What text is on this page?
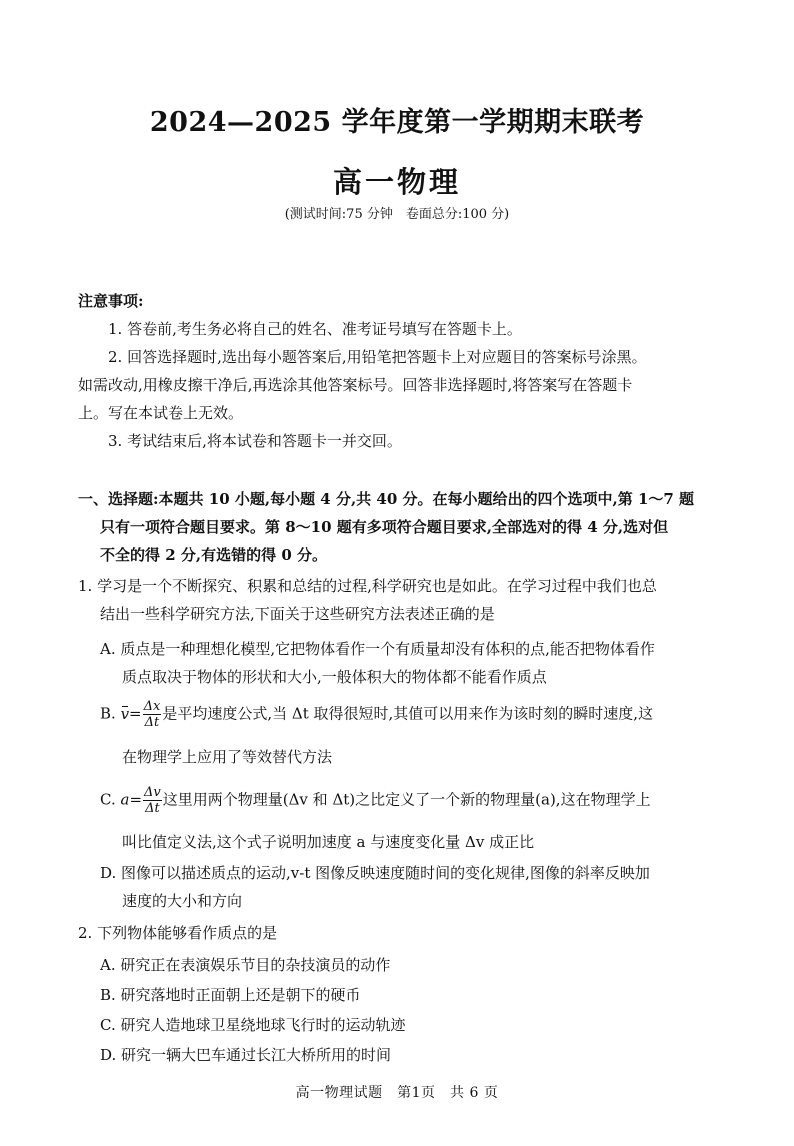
2024—2025 学年度第一学期期末联考
高一物理
(测试时间:75 分钟　卷面总分:100 分)
注意事项:
1. 答卷前,考生务必将自己的姓名、准考证号填写在答题卡上。
2. 回答选择题时,选出每小题答案后,用铅笔把答题卡上对应题目的答案标号涂黑。
如需改动,用橡皮擦干净后,再选涂其他答案标号。回答非选择题时,将答案写在答题卡
上。写在本试卷上无效。
3. 考试结束后,将本试卷和答题卡一并交回。
一、选择题:本题共 10 小题,每小题 4 分,共 40 分。在每小题给出的四个选项中,第 1～7 题
只有一项符合题目要求。第 8～10 题有多项符合题目要求,全部选对的得 4 分,选对但
不全的得 2 分,有选错的得 0 分。
1. 学习是一个不断探究、积累和总结的过程,科学研究也是如此。在学习过程中我们也总
结出一些科学研究方法,下面关于这些研究方法表述正确的是
A. 质点是一种理想化模型,它把物体看作一个有质量却没有体积的点,能否把物体看作
质点取决于物体的形状和大小,一般体积大的物体都不能看作质点
B. $v= \frac{\Delta x}{\Delta t}$ 是平均速度公式,当 Δt 取得很短时,其值可以用来作为该时刻的瞬时速度,这
在物理学上应用了等效替代方法
C. $a= \frac{\Delta v}{\Delta t}$ 这里用两个物理量(Δv 和 Δt)之比定义了一个新的物理量(a),这在物理学上
叫比值定义法,这个式子说明加速度 a 与速度变化量 Δv 成正比
D. 图像可以描述质点的运动,v-t 图像反映速度随时间的变化规律,图像的斜率反映加
速度的大小和方向
2. 下列物体能够看作质点的是
A. 研究正在表演娱乐节目的杂技演员的动作
B. 研究落地时正面朝上还是朝下的硬币
C. 研究人造地球卫星绕地球飞行时的运动轨迹
D. 研究一辆大巴车通过长江大桥所用的时间
高一物理试题　第1页　共 6 页
